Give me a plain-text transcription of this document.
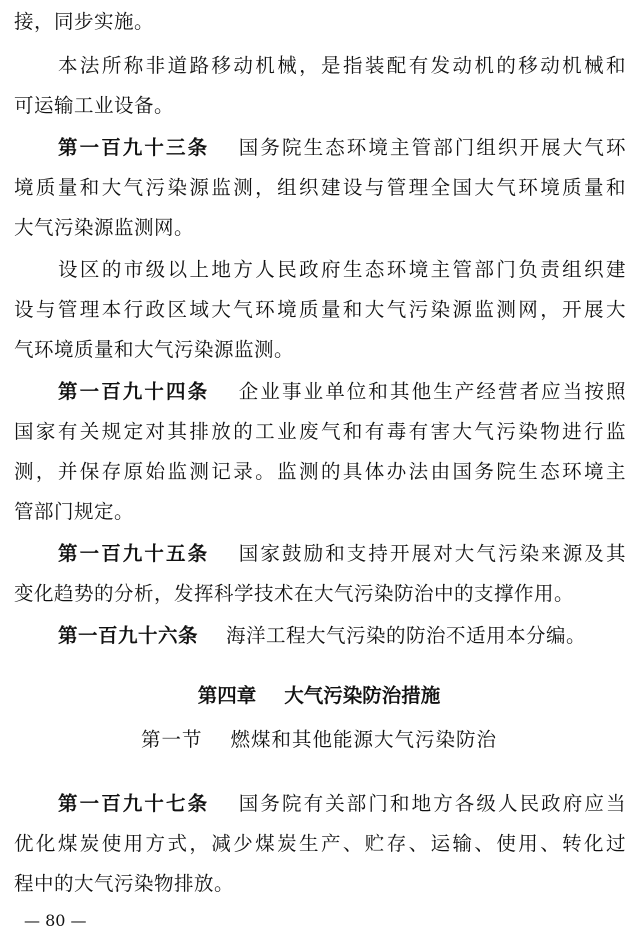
接，同步实施。
本法所称非道路移动机械，是指装配有发动机的移动机械和
可运输工业设备。
第一百九十三条 国务院生态环境主管部门组织开展大气环
境质量和大气污染源监测，组织建设与管理全国大气环境质量和
大气污染源监测网。
设区的市级以上地方人民政府生态环境主管部门负责组织建
设与管理本行政区域大气环境质量和大气污染源监测网，开展大
气环境质量和大气污染源监测。
第一百九十四条 企业事业单位和其他生产经营者应当按照
国家有关规定对其排放的工业废气和有毒有害大气污染物进行监
测，并保存原始监测记录。监测的具体办法由国务院生态环境主
管部门规定。
第一百九十五条 国家鼓励和支持开展对大气污染来源及其
变化趋势的分析，发挥科学技术在大气污染防治中的支撑作用。
第一百九十六条 海洋工程大气污染的防治不适用本分编。
第四章 大气污染防治措施
第一节 燃煤和其他能源大气污染防治
第一百九十七条 国务院有关部门和地方各级人民政府应当
优化煤炭使用方式，减少煤炭生产、贮存、运输、使用、转化过
程中的大气污染物排放。
— 80 —
